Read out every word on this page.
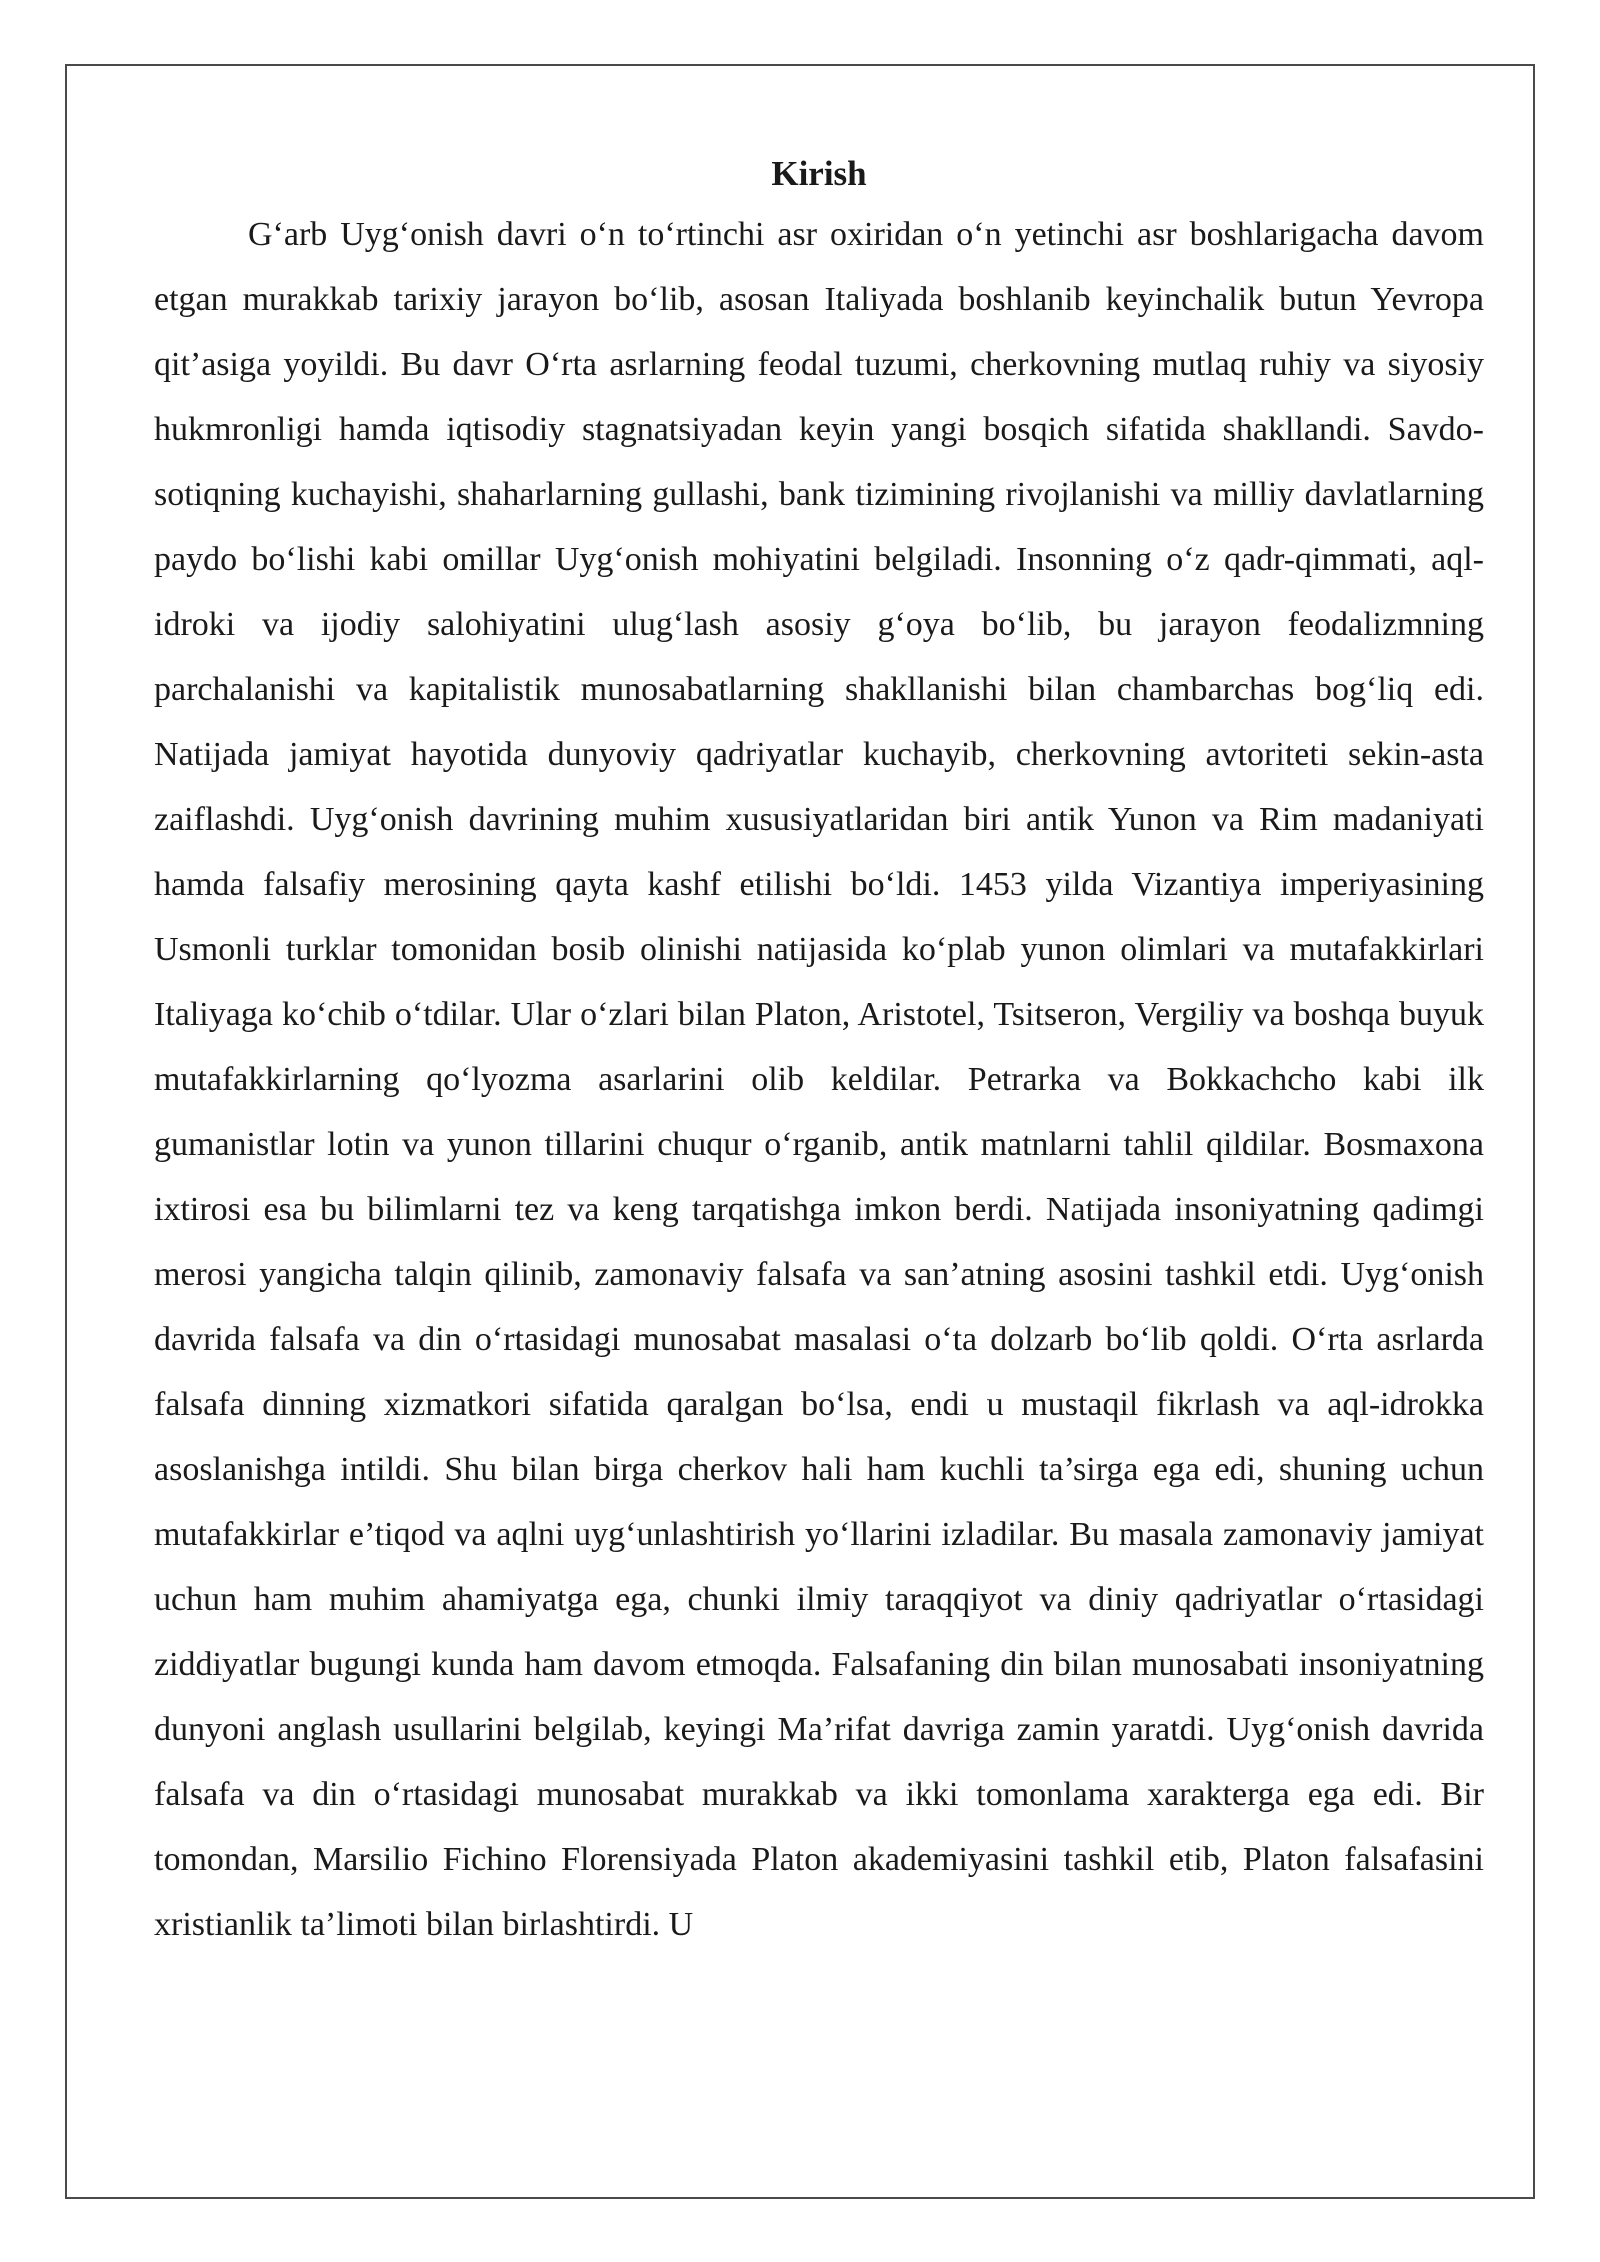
Kirish

G‘arb Uyg‘onish davri o‘n to‘rtinchi asr oxiridan o‘n yetinchi asr boshlarigacha davom etgan murakkab tarixiy jarayon bo‘lib, asosan Italiyada boshlanib keyinchalik butun Yevropa qit’asiga yoyildi. Bu davr O‘rta asrlarning feodal tuzumi, cherkovning mutlaq ruhiy va siyosiy hukmronligi hamda iqtisodiy stagnatsiyadan keyin yangi bosqich sifatida shakllandi. Savdo-sotiqning kuchayishi, shaharlarning gullashi, bank tizimining rivojlanishi va milliy davlatlarning paydo bo‘lishi kabi omillar Uyg‘onish mohiyatini belgiladi. Insonning o‘z qadr-qimmati, aql-idroki va ijodiy salohiyatini ulug‘lash asosiy g‘oya bo‘lib, bu jarayon feodalizmning parchalanishi va kapitalistik munosabatlarning shakllanishi bilan chambarchas bog‘liq edi. Natijada jamiyat hayotida dunyoviy qadriyatlar kuchayib, cherkovning avtoriteti sekin-asta zaiflashdi. Uyg‘onish davrining muhim xususiyatlaridan biri antik Yunon va Rim madaniyati hamda falsafiy merosining qayta kashf etilishi bo‘ldi. 1453 yilda Vizantiya imperiyasining Usmonli turklar tomonidan bosib olinishi natijasida ko‘plab yunon olimlari va mutafakkirlari Italiyaga ko‘chib o‘tdilar. Ular o‘zlari bilan Platon, Aristotel, Tsitseron, Vergiliy va boshqa buyuk mutafakkirlarning qo‘lyozma asarlarini olib keldilar. Petrarka va Bokkachcho kabi ilk gumanistlar lotin va yunon tillarini chuqur o‘rganib, antik matnlarni tahlil qildilar. Bosmaxona ixtirosi esa bu bilimlarni tez va keng tarqatishga imkon berdi. Natijada insoniyatning qadimgi merosi yangicha talqin qilinib, zamonaviy falsafa va san’atning asosini tashkil etdi. Uyg‘onish davrida falsafa va din o‘rtasidagi munosabat masalasi o‘ta dolzarb bo‘lib qoldi. O‘rta asrlarda falsafa dinning xizmatkori sifatida qaralgan bo‘lsa, endi u mustaqil fikrlash va aql-idrokka asoslanishga intildi. Shu bilan birga cherkov hali ham kuchli ta’sirga ega edi, shuning uchun mutafakkirlar e’tiqod va aqlni uyg‘unlashtirish yo‘llarini izladilar. Bu masala zamonaviy jamiyat uchun ham muhim ahamiyatga ega, chunki ilmiy taraqqiyot va diniy qadriyatlar o‘rtasidagi ziddiyatlar bugungi kunda ham davom etmoqda. Falsafaning din bilan munosabati insoniyatning dunyoni anglash usullarini belgilab, keyingi Ma’rifat davriga zamin yaratdi. Uyg‘onish davrida falsafa va din o‘rtasidagi munosabat murakkab va ikki tomonlama xarakterga ega edi. Bir tomondan, Marsilio Fichino Florensiyada Platon akademiyasini tashkil etib, Platon falsafasini xristianlik ta’limoti bilan birlashtirdi. U
